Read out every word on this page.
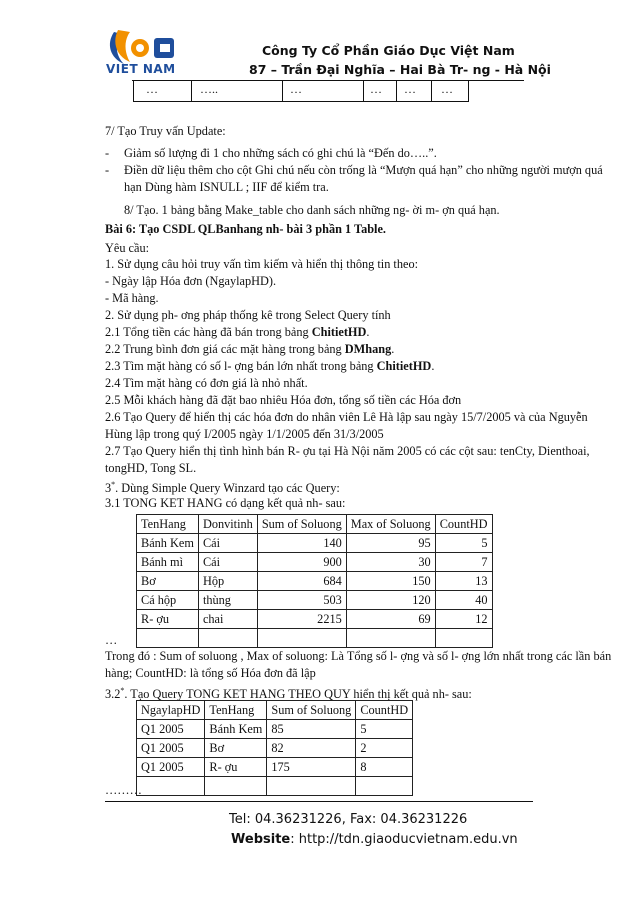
VIET NAM
Công Ty Cổ Phần Giáo Dục Việt Nam
87 – Trần Đại Nghĩa – Hai Bà Tr- ng - Hà Nội
…	…..	…	… … …
7/ Tạo Truy vấn Update:
- Giảm số lượng đi 1 cho những sách có ghi chú là “Đến do…..”.
- Điền dữ liệu thêm cho cột Ghi chú nếu còn trống là “Mượn quá hạn” cho những người mượn quá
hạn Dùng hàm ISNULL ; IIF để kiểm tra.
8/ Tạo. 1 bảng bằng Make_table cho danh sách những ng- ời m- ợn quá hạn.
Bài 6: Tạo CSDL QLBanhang nh- bài 3 phần 1 Table.
Yêu cầu:
1. Sử dụng câu hỏi truy vấn tìm kiếm và hiển thị thông tin theo:
- Ngày lập Hóa đơn (NgaylapHD).
- Mã hàng.
2. Sử dụng ph- ơng pháp thống kê trong Select Query tính
2.1 Tổng tiền các hàng đã bán trong bảng ChitietHD.
2.2 Trung bình đơn giá các mặt hàng trong bảng DMhang.
2.3 Tìm mặt hàng có số l- ợng bán lớn nhất trong bảng ChitietHD.
2.4 Tìm mặt hàng có đơn giá là nhỏ nhất.
2.5 Mỗi khách hàng đã đặt bao nhiêu Hóa đơn, tổng số tiền các Hóa đơn
2.6 Tạo Query để hiển thị các hóa đơn do nhân viên Lê Hà lập sau ngày 15/7/2005 và của Nguyễn
Hùng lập trong quý I/2005 ngày 1/1/2005 đến 31/3/2005
2.7 Tạo Query hiển thị tình hình bán R- ợu tại Hà Nội năm 2005 có các cột sau: tenCty, Dienthoai,
tongHD, Tong SL.
3*. Dùng Simple Query Winzard tạo các Query:
3.1 TONG KET HANG có dạng kết quả nh- sau:
TenHang	Donvitinh	Sum of Soluong	Max of Soluong	CountHD
Bánh Kem	Cái	140	95	5
Bánh mì	Cái	900	30	7
Bơ	Hộp	684	150	13
Cá hộp	thùng	503	120	40
R- ợu	chai	2215	69	12

…
Trong đó : Sum of soluong , Max of soluong: Là Tổng số l- ợng và số l- ợng lớn nhất trong các lần bán
hàng; CountHD: là tổng số Hóa đơn đã lập
3.2*. Tạo Query TONG KET HANG THEO QUY hiển thị kết quả nh- sau:
NgaylapHD	TenHang	Sum of Soluong	CountHD
Q1 2005	Bánh Kem	85	5
Q1 2005	Bơ	82	2
Q1 2005	R- ợu	175	8

………
Tel: 04.36231226, Fax: 04.36231226
Website: http://tdn.giaoducvietnam.edu.vn
